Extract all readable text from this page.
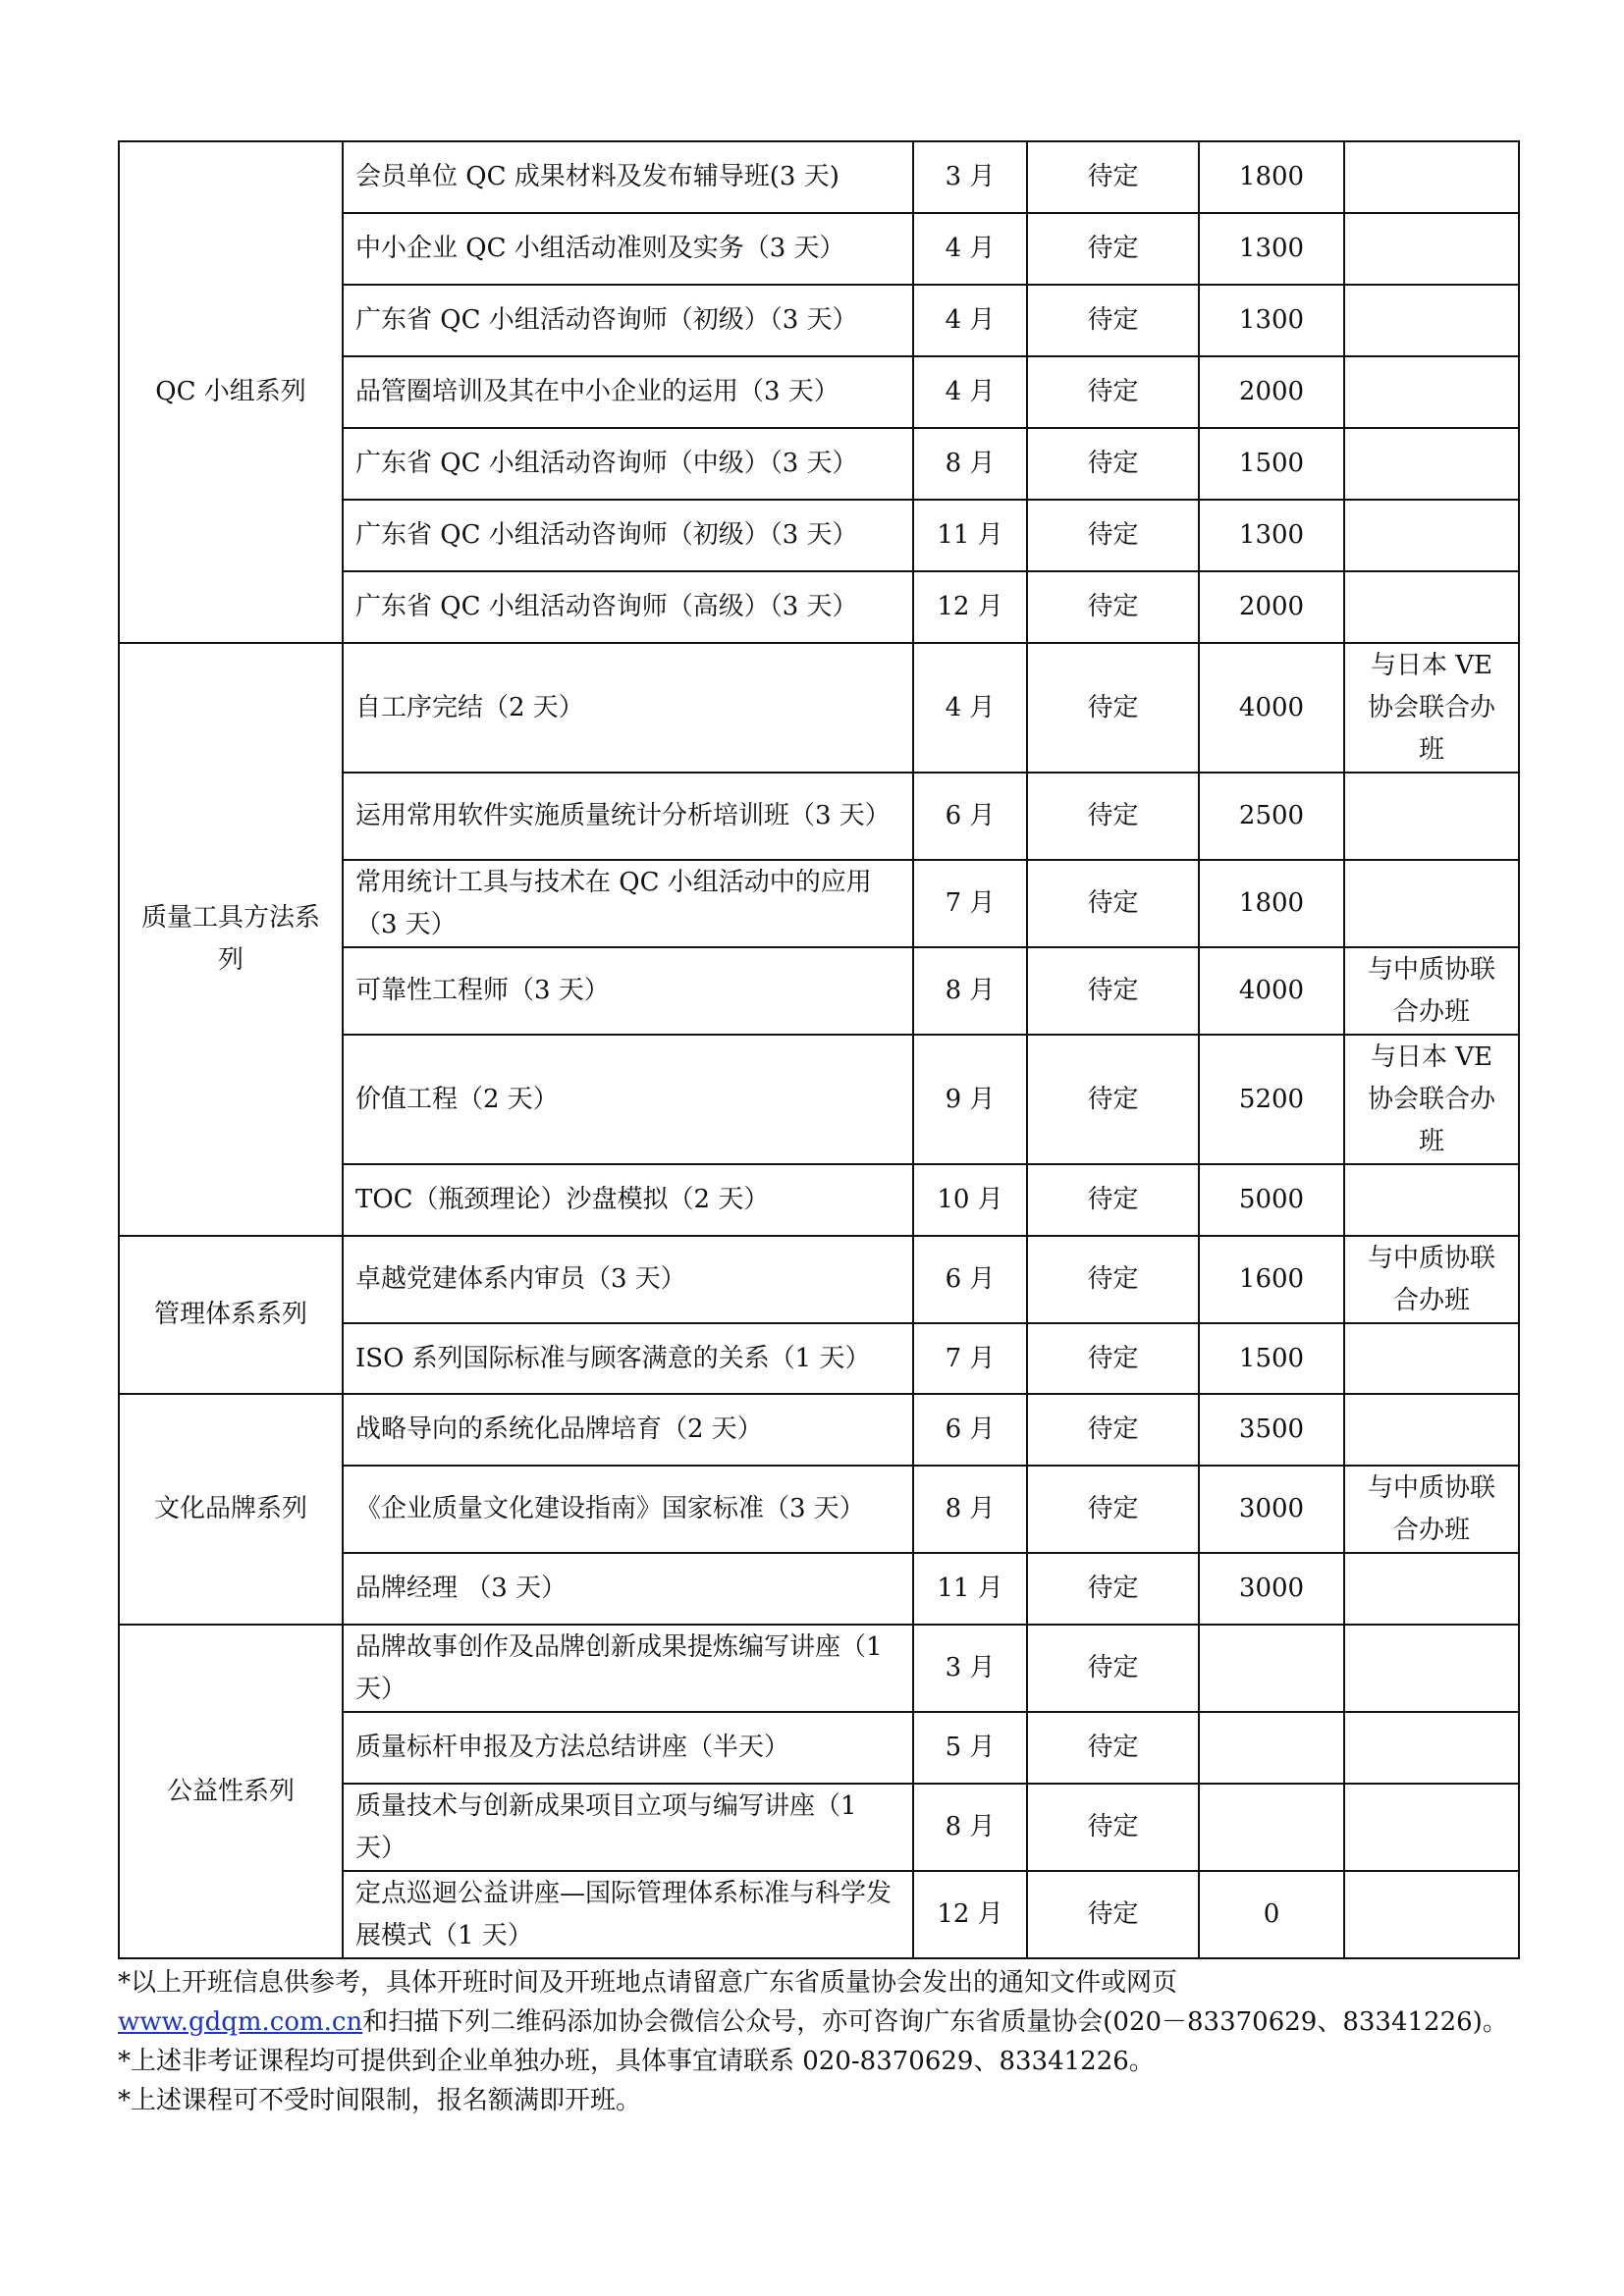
QC 小组系列	会员单位 QC 成果材料及发布辅导班(3 天)	3 月	待定	1800	
	中小企业 QC 小组活动准则及实务（3 天）	4 月	待定	1300	
	广东省 QC 小组活动咨询师（初级）（3 天）	4 月	待定	1300	
	品管圈培训及其在中小企业的运用（3 天）	4 月	待定	2000	
	广东省 QC 小组活动咨询师（中级）（3 天）	8 月	待定	1500	
	广东省 QC 小组活动咨询师（初级）（3 天）	11 月	待定	1300	
	广东省 QC 小组活动咨询师（高级）（3 天）	12 月	待定	2000	
质量工具方法系列	自工序完结（2 天）	4 月	待定	4000	与日本 VE 协会联合办班
	运用常用软件实施质量统计分析培训班（3 天）	6 月	待定	2500	
	常用统计工具与技术在 QC 小组活动中的应用（3 天）	7 月	待定	1800	
	可靠性工程师（3 天）	8 月	待定	4000	与中质协联合办班
	价值工程（2 天）	9 月	待定	5200	与日本 VE 协会联合办班
	TOC（瓶颈理论）沙盘模拟（2 天）	10 月	待定	5000	
管理体系系列	卓越党建体系内审员（3 天）	6 月	待定	1600	与中质协联合办班
	ISO 系列国际标准与顾客满意的关系（1 天）	7 月	待定	1500	
文化品牌系列	战略导向的系统化品牌培育（2 天）	6 月	待定	3500	
	《企业质量文化建设指南》国家标准（3 天）	8 月	待定	3000	与中质协联合办班
	品牌经理 （3 天）	11 月	待定	3000	
公益性系列	品牌故事创作及品牌创新成果提炼编写讲座（1 天）	3 月	待定		
	质量标杆申报及方法总结讲座（半天）	5 月	待定		
	质量技术与创新成果项目立项与编写讲座（1 天）	8 月	待定		
	定点巡迴公益讲座—国际管理体系标准与科学发展模式（1 天）	12 月	待定	0	

*以上开班信息供参考，具体开班时间及开班地点请留意广东省质量协会发出的通知文件或网页

www.gdqm.com.cn和扫描下列二维码添加协会微信公众号，亦可咨询广东省质量协会(020－83370629、83341226)。

*上述非考证课程均可提供到企业单独办班，具体事宜请联系 020-8370629、83341226。

*上述课程可不受时间限制，报名额满即开班。
